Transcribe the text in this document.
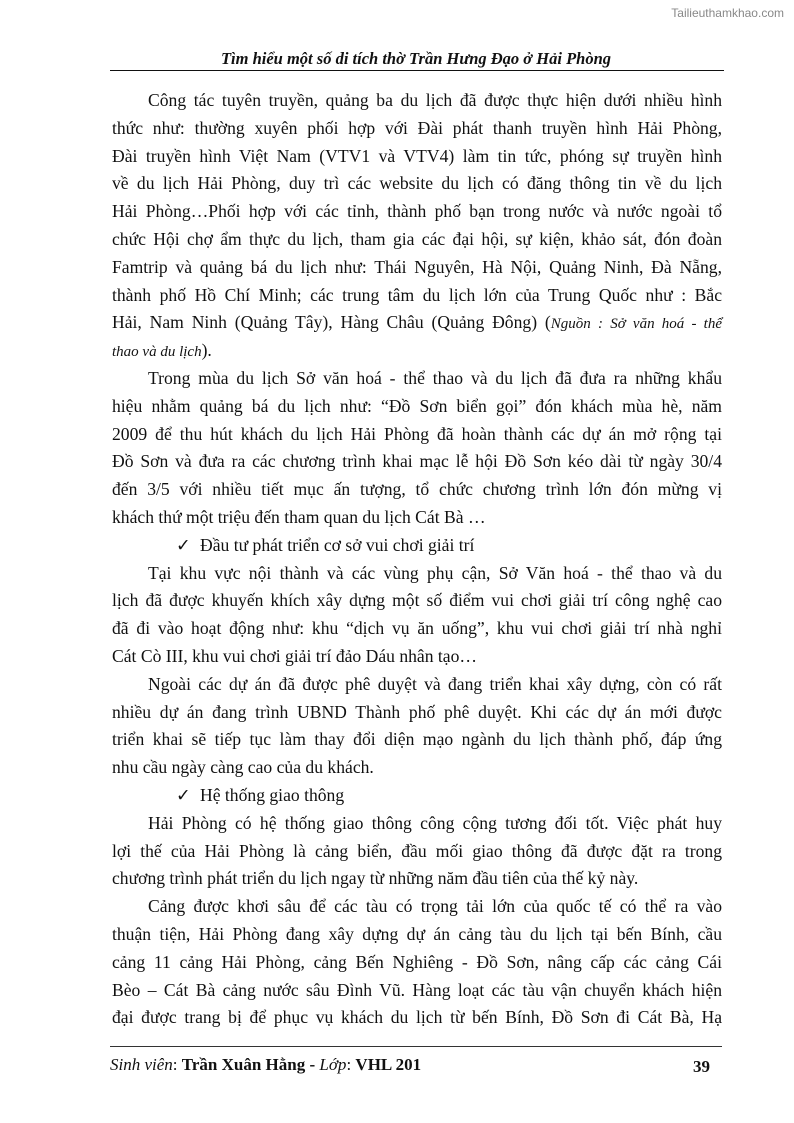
Tailieuthamkhao.com
Tìm hiểu một số di tích thờ Trần Hưng Đạo ở Hải Phòng
Công tác tuyên truyền, quảng ba du lịch đã được thực hiện dưới nhiều hình
thức như: thường xuyên phối hợp với Đài phát thanh truyền hình Hải Phòng,
Đài truyền hình Việt Nam (VTV1 và VTV4) làm tin tức, phóng sự truyền hình
về du lịch Hải Phòng, duy trì các website du lịch có đăng thông tin về du lịch
Hải Phòng…Phối hợp với các tỉnh, thành phố bạn trong nước và nước ngoài tổ
chức Hội chợ ẩm thực du lịch, tham gia các đại hội, sự kiện, khảo sát, đón đoàn
Famtrip và quảng bá du lịch như: Thái Nguyên, Hà Nội, Quảng Ninh, Đà Nẵng,
thành phố Hồ Chí Minh; các trung tâm du lịch lớn của Trung Quốc như : Bắc
Hải, Nam Ninh (Quảng Tây), Hàng Châu (Quảng Đông) (Nguồn : Sở văn hoá - thể
thao và du lịch).
Trong mùa du lịch Sở văn hoá - thể thao và du lịch đã đưa ra những khẩu
hiệu nhằm quảng bá du lịch như: “Đồ Sơn biển gọi” đón khách mùa hè, năm
2009 để thu hút khách du lịch Hải Phòng đã hoàn thành các dự án mở rộng tại
Đồ Sơn và đưa ra các chương trình khai mạc lễ hội Đồ Sơn kéo dài từ ngày 30/4
đến 3/5 với nhiều tiết mục ấn tượng, tổ chức chương trình lớn đón mừng vị
khách thứ một triệu đến tham quan du lịch Cát Bà …
✓ Đầu tư phát triển cơ sở vui chơi giải trí
Tại khu vực nội thành và các vùng phụ cận, Sở Văn hoá - thể thao và du
lịch đã được khuyến khích xây dựng một số điểm vui chơi giải trí công nghệ cao
đã đi vào hoạt động như: khu “dịch vụ ăn uống”, khu vui chơi giải trí nhà nghỉ
Cát Cò III, khu vui chơi giải trí đảo Dáu nhân tạo…
Ngoài các dự án đã được phê duyệt và đang triển khai xây dựng, còn có rất
nhiều dự án đang trình UBND Thành phố phê duyệt. Khi các dự án mới được
triển khai sẽ tiếp tục làm thay đổi diện mạo ngành du lịch thành phố, đáp ứng
nhu cầu ngày càng cao của du khách.
✓ Hệ thống giao thông
Hải Phòng có hệ thống giao thông công cộng tương đối tốt. Việc phát huy
lợi thế của Hải Phòng là cảng biển, đầu mối giao thông đã được đặt ra trong
chương trình phát triển du lịch ngay từ những năm đầu tiên của thế kỷ này.
Cảng được khơi sâu để các tàu có trọng tải lớn của quốc tế có thể ra vào
thuận tiện, Hải Phòng đang xây dựng dự án cảng tàu du lịch tại bến Bính, cầu
cảng 11 cảng Hải Phòng, cảng Bến Nghiêng - Đồ Sơn, nâng cấp các cảng Cái
Bèo – Cát Bà cảng nước sâu Đình Vũ. Hàng loạt các tàu vận chuyển khách hiện
đại được trang bị để phục vụ khách du lịch từ bến Bính, Đồ Sơn đi Cát Bà, Hạ
Sinh viên: Trần Xuân Hằng - Lớp: VHL 201	39
